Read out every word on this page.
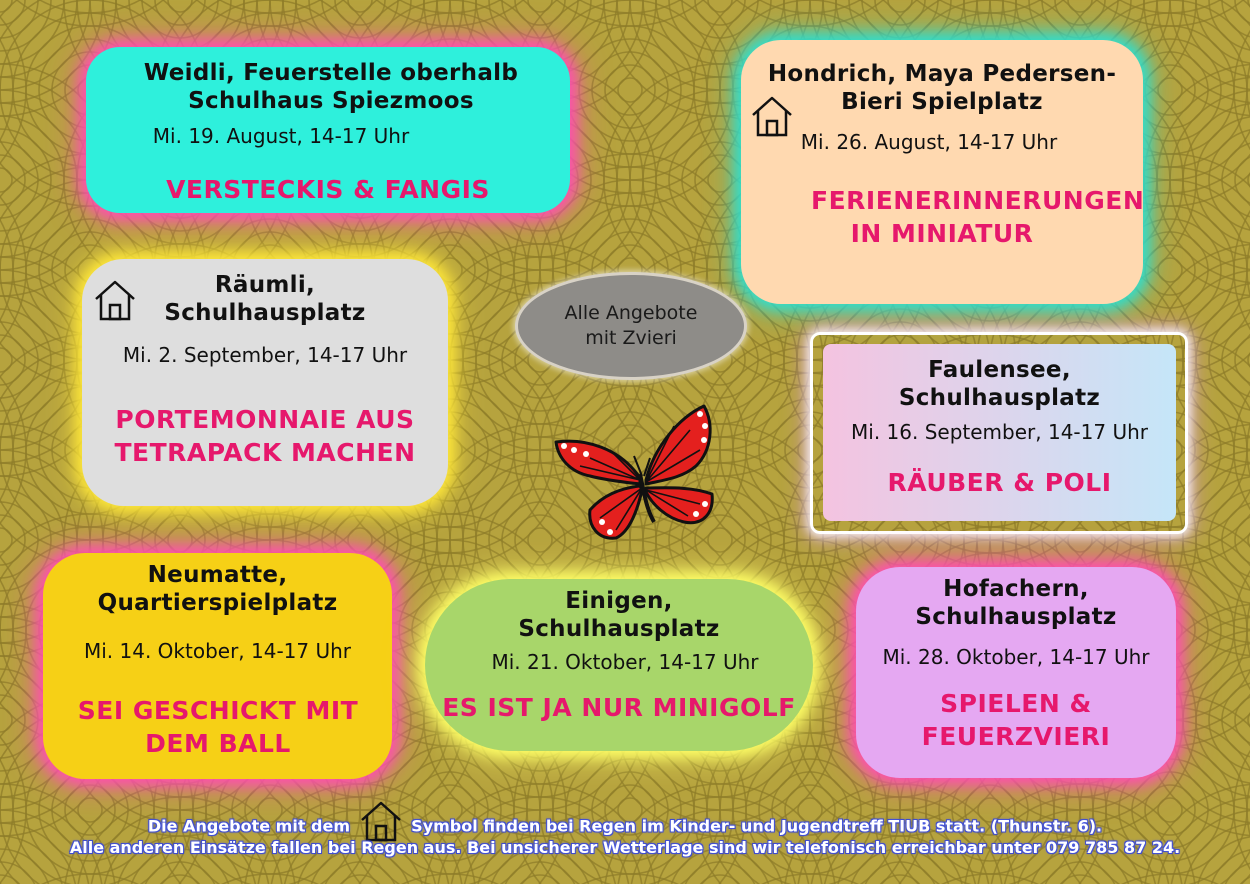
Weidli, Feuerstelle oberhalb Schulhaus Spiezmoos
Mi. 19. August, 14-17 Uhr
VERSTECKIS & FANGIS
Hondrich, Maya Pedersen-Bieri Spielplatz
Mi. 26. August, 14-17 Uhr
FERIENERINNERUNGEN IN MINIATUR
Räumli, Schulhausplatz
Mi. 2. September, 14-17 Uhr
PORTEMONNAIE AUS TETRAPACK MACHEN
Faulensee, Schulhausplatz
Mi. 16. September, 14-17 Uhr
RÄUBER & POLI
Neumatte, Quartierspielplatz
Mi. 14. Oktober, 14-17 Uhr
SEI GESCHICKT MIT DEM BALL
Einigen, Schulhausplatz
Mi. 21. Oktober, 14-17 Uhr
ES IST JA NUR MINIGOLF
Hofachern, Schulhausplatz
Mi. 28. Oktober, 14-17 Uhr
SPIELEN & FEUERZVIERI
Alle Angebote mit Zvieri
Die Angebote mit dem	Symbol finden bei Regen im Kinder- und Jugendtreff TIUB statt. (Thunstr. 6).
Alle anderen Einsätze fallen bei Regen aus. Bei unsicherer Wetterlage sind wir telefonisch erreichbar unter 079 785 87 24.
